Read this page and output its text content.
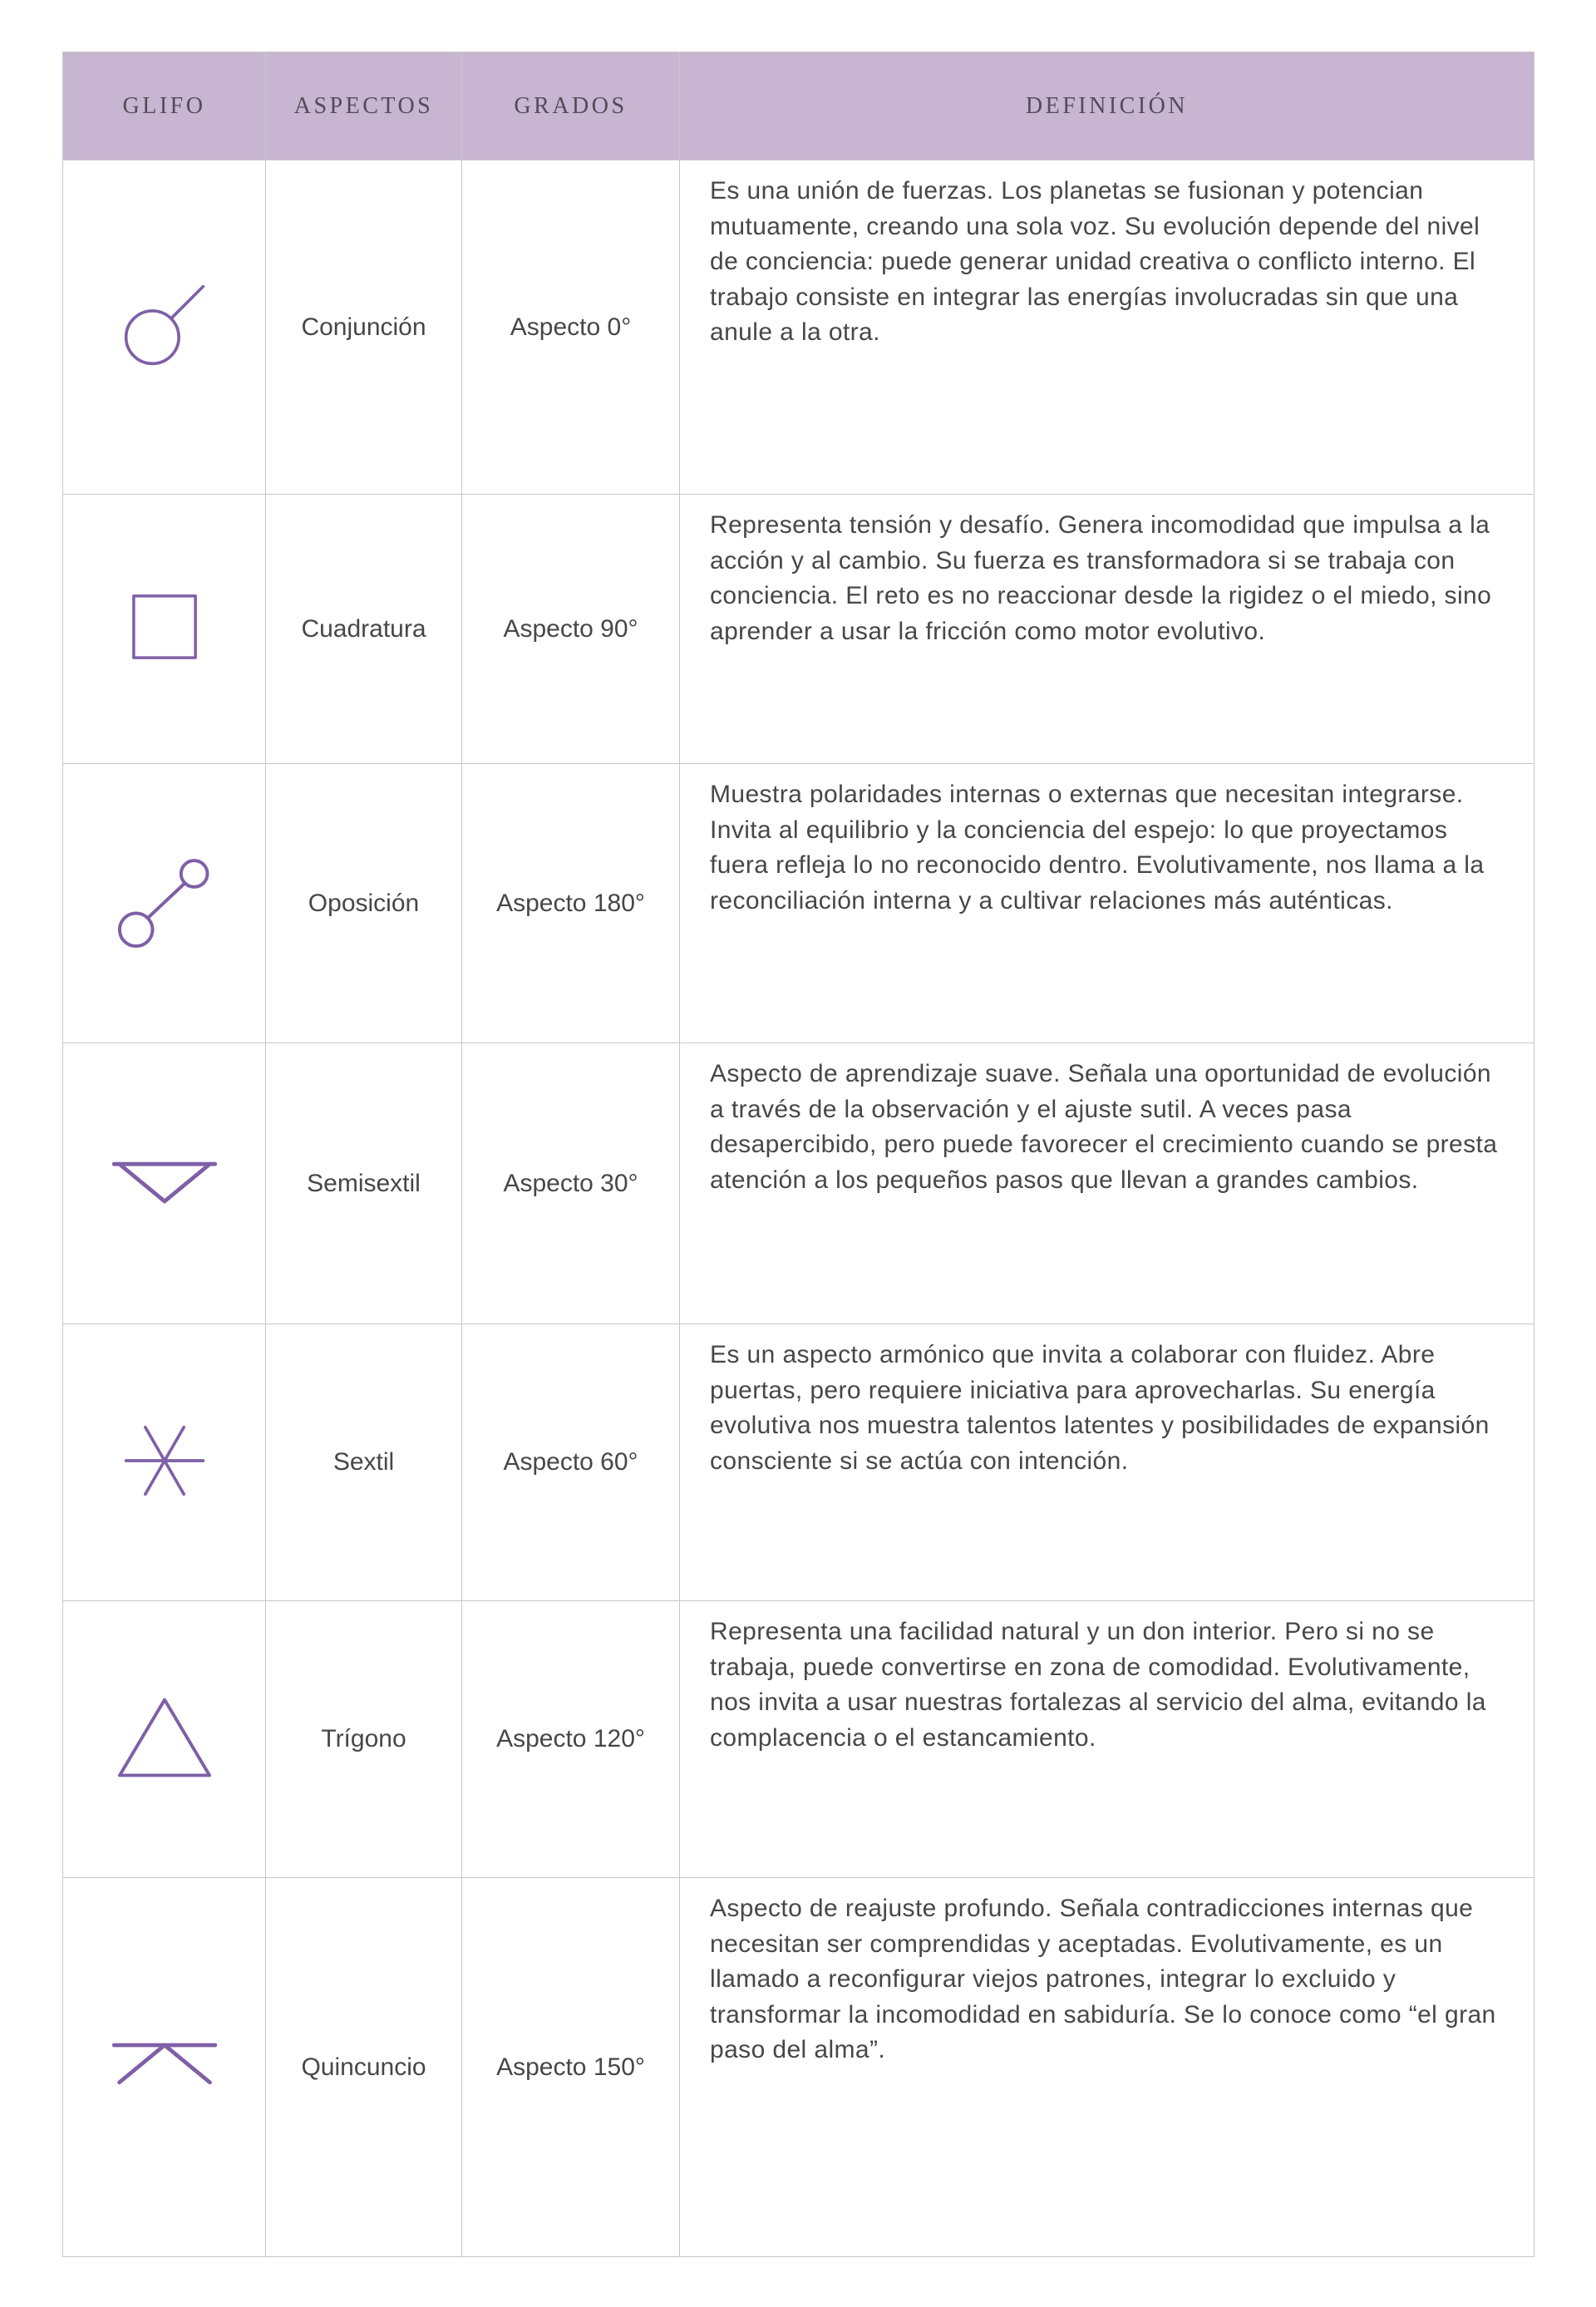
GLIFO	ASPECTOS	GRADOS	DEFINICIÓN
	Conjunción	Aspecto 0°	Es una unión de fuerzas. Los planetas se fusionan y potencian mutuamente, creando una sola voz. Su evolución depende del nivel de conciencia: puede generar unidad creativa o conflicto interno. El trabajo consiste en integrar las energías involucradas sin que una anule a la otra.
	Cuadratura	Aspecto 90°	Representa tensión y desafío. Genera incomodidad que impulsa a la acción y al cambio. Su fuerza es transformadora si se trabaja con conciencia. El reto es no reaccionar desde la rigidez o el miedo, sino aprender a usar la fricción como motor evolutivo.
	Oposición	Aspecto 180°	Muestra polaridades internas o externas que necesitan integrarse. Invita al equilibrio y la conciencia del espejo: lo que proyectamos fuera refleja lo no reconocido dentro. Evolutivamente, nos llama a la reconciliación interna y a cultivar relaciones más auténticas.
	Semisextil	Aspecto 30°	Aspecto de aprendizaje suave. Señala una oportunidad de evolución a través de la observación y el ajuste sutil. A veces pasa desapercibido, pero puede favorecer el crecimiento cuando se presta atención a los pequeños pasos que llevan a grandes cambios.
	Sextil	Aspecto 60°	Es un aspecto armónico que invita a colaborar con fluidez. Abre puertas, pero requiere iniciativa para aprovecharlas. Su energía evolutiva nos muestra talentos latentes y posibilidades de expansión consciente si se actúa con intención.
	Trígono	Aspecto 120°	Representa una facilidad natural y un don interior. Pero si no se trabaja, puede convertirse en zona de comodidad. Evolutivamente, nos invita a usar nuestras fortalezas al servicio del alma, evitando la complacencia o el estancamiento.
	Quincuncio	Aspecto 150°	Aspecto de reajuste profundo. Señala contradicciones internas que necesitan ser comprendidas y aceptadas. Evolutivamente, es un llamado a reconfigurar viejos patrones, integrar lo excluido y transformar la incomodidad en sabiduría. Se lo conoce como “el gran paso del alma”.
